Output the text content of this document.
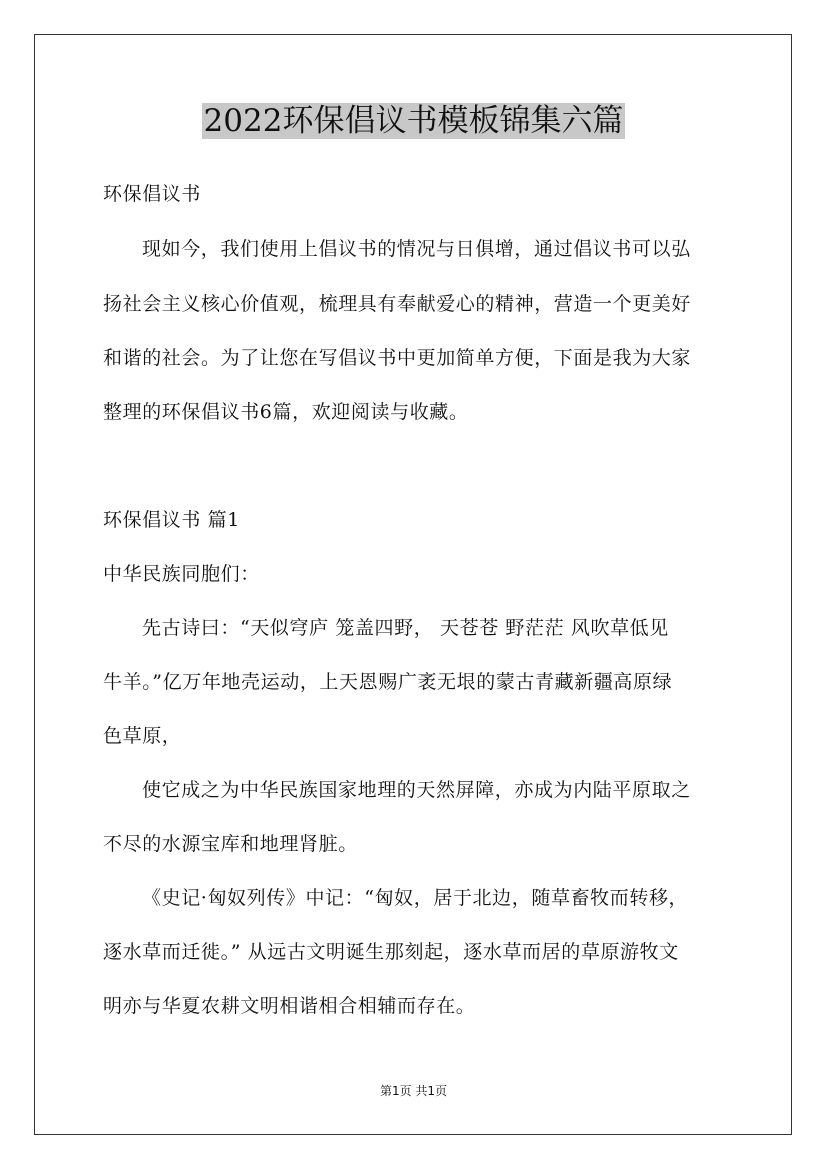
2022环保倡议书模板锦集六篇
环保倡议书
现如今，我们使用上倡议书的情况与日俱增，通过倡议书可以弘
扬社会主义核心价值观，梳理具有奉献爱心的精神，营造一个更美好
和谐的社会。为了让您在写倡议书中更加简单方便，下面是我为大家
整理的环保倡议书6篇，欢迎阅读与收藏。
环保倡议书 篇1
中华民族同胞们：
先古诗曰：“天似穹庐 笼盖四野， 天苍苍 野茫茫 风吹草低见
牛羊。”亿万年地壳运动，上天恩赐广袤无垠的蒙古青藏新疆高原绿
色草原，
使它成之为中华民族国家地理的天然屏障，亦成为内陆平原取之
不尽的水源宝库和地理肾脏。
《史记·匈奴列传》中记：“匈奴，居于北边，随草畜牧而转移，
逐水草而迁徙。” 从远古文明诞生那刻起，逐水草而居的草原游牧文
明亦与华夏农耕文明相谐相合相辅而存在。
第1页 共1页
